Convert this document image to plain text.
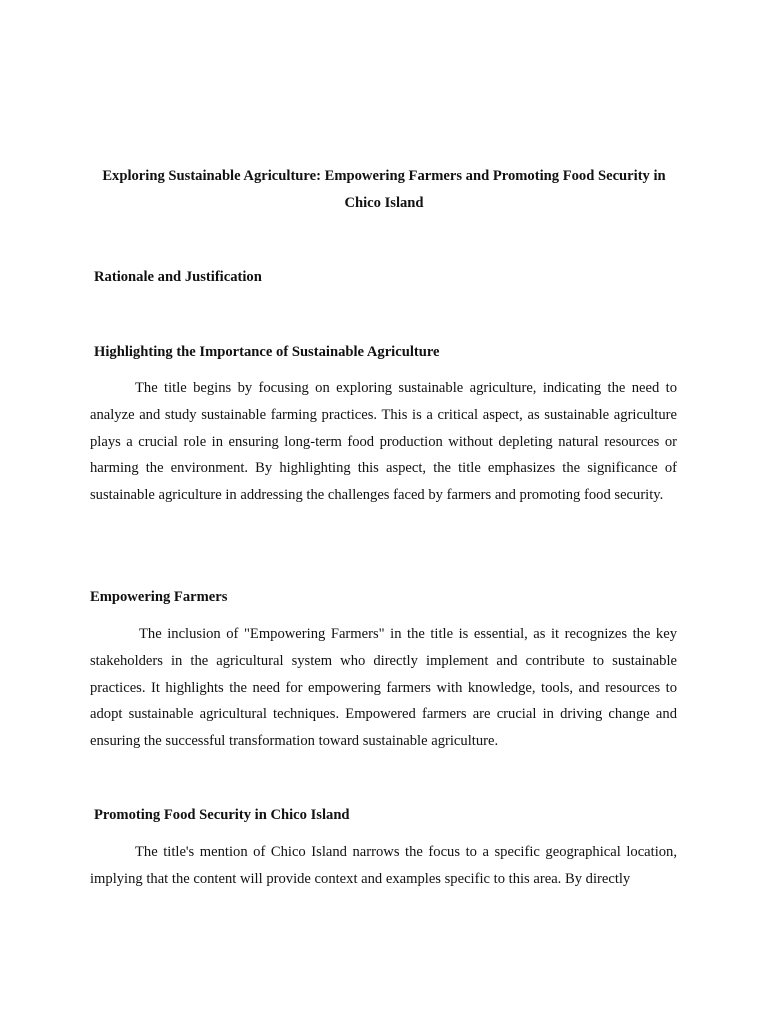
Exploring Sustainable Agriculture: Empowering Farmers and Promoting Food Security in Chico Island

Rationale and Justification

Highlighting the Importance of Sustainable Agriculture

The title begins by focusing on exploring sustainable agriculture, indicating the need to analyze and study sustainable farming practices. This is a critical aspect, as sustainable agriculture plays a crucial role in ensuring long-term food production without depleting natural resources or harming the environment. By highlighting this aspect, the title emphasizes the significance of sustainable agriculture in addressing the challenges faced by farmers and promoting food security.

Empowering Farmers

The inclusion of "Empowering Farmers" in the title is essential, as it recognizes the key stakeholders in the agricultural system who directly implement and contribute to sustainable practices. It highlights the need for empowering farmers with knowledge, tools, and resources to adopt sustainable agricultural techniques. Empowered farmers are crucial in driving change and ensuring the successful transformation toward sustainable agriculture.

Promoting Food Security in Chico Island

The title's mention of Chico Island narrows the focus to a specific geographical location, implying that the content will provide context and examples specific to this area. By directly
